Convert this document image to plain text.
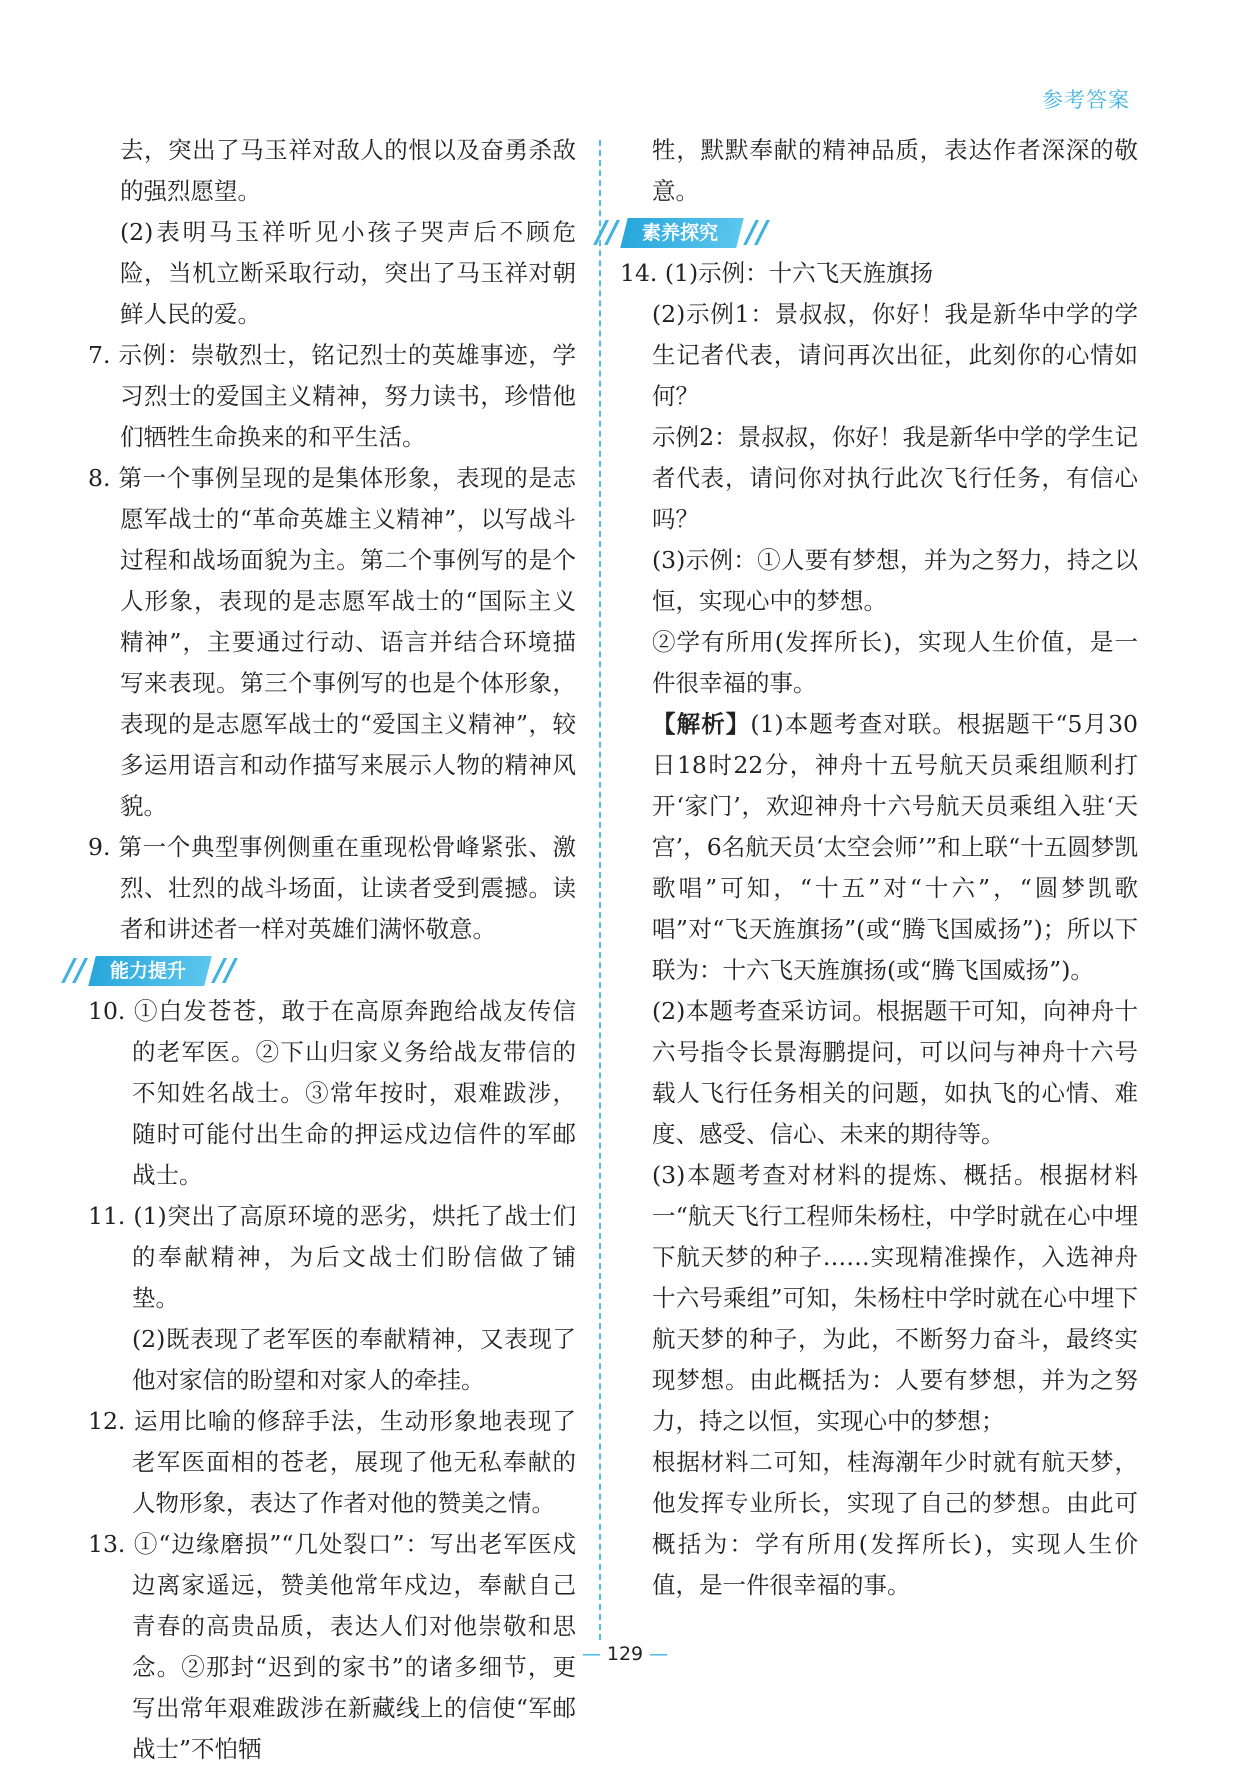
参考答案

去，突出了马玉祥对敌人的恨以及奋勇杀敌的强烈愿望。

(2)表明马玉祥听见小孩子哭声后不顾危险，当机立断采取行动，突出了马玉祥对朝鲜人民的爱。

7. 示例：崇敬烈士，铭记烈士的英雄事迹，学习烈士的爱国主义精神，努力读书，珍惜他们牺牲生命换来的和平生活。

8. 第一个事例呈现的是集体形象，表现的是志愿军战士的“革命英雄主义精神”，以写战斗过程和战场面貌为主。第二个事例写的是个人形象，表现的是志愿军战士的“国际主义精神”，主要通过行动、语言并结合环境描写来表现。第三个事例写的也是个体形象，表现的是志愿军战士的“爱国主义精神”，较多运用语言和动作描写来展示人物的精神风貌。

9. 第一个典型事例侧重在重现松骨峰紧张、激烈、壮烈的战斗场面，让读者受到震撼。读者和讲述者一样对英雄们满怀敬意。

//	能力提升 //

10. ①白发苍苍，敢于在高原奔跑给战友传信的老军医。②下山归家义务给战友带信的不知姓名战士。③常年按时，艰难跋涉，随时可能付出生命的押运戍边信件的军邮战士。

11. (1)突出了高原环境的恶劣，烘托了战士们的奉献精神，为后文战士们盼信做了铺垫。

(2)既表现了老军医的奉献精神，又表现了他对家信的盼望和对家人的牵挂。

12. 运用比喻的修辞手法，生动形象地表现了老军医面相的苍老，展现了他无私奉献的人物形象，表达了作者对他的赞美之情。

13. ①“边缘磨损”“几处裂口”：写出老军医戍边离家遥远，赞美他常年戍边，奉献自己青春的高贵品质，表达人们对他崇敬和思念。②那封“迟到的家书”的诸多细节，更写出常年艰难跋涉在新藏线上的信使“军邮战士”不怕牺

牲，默默奉献的精神品质，表达作者深深的敬意。

//	素养探究 //

14. (1)示例：十六飞天旌旗扬

(2)示例1：景叔叔，你好！我是新华中学的学生记者代表，请问再次出征，此刻你的心情如何？

示例2：景叔叔，你好！我是新华中学的学生记者代表，请问你对执行此次飞行任务，有信心吗？

(3)示例：①人要有梦想，并为之努力，持之以恒，实现心中的梦想。

②学有所用(发挥所长)，实现人生价值，是一件很幸福的事。

【解析】(1)本题考查对联。根据题干“5月30日18时22分，神舟十五号航天员乘组顺利打开‘家门’，欢迎神舟十六号航天员乘组入驻‘天宫’，6名航天员‘太空会师’”和上联“十五圆梦凯歌唱”可知，“十五”对“十六”，“圆梦凯歌唱”对“飞天旌旗扬”(或“腾飞国威扬”)；所以下联为：十六飞天旌旗扬(或“腾飞国威扬”)。

(2)本题考查采访词。根据题干可知，向神舟十六号指令长景海鹏提问，可以问与神舟十六号载人飞行任务相关的问题，如执飞的心情、难度、感受、信心、未来的期待等。

(3)本题考查对材料的提炼、概括。根据材料一“航天飞行工程师朱杨柱，中学时就在心中埋下航天梦的种子……实现精准操作，入选神舟十六号乘组”可知，朱杨柱中学时就在心中埋下航天梦的种子，为此，不断努力奋斗，最终实现梦想。由此概括为：人要有梦想，并为之努力，持之以恒，实现心中的梦想；

根据材料二可知，桂海潮年少时就有航天梦，他发挥专业所长，实现了自己的梦想。由此可概括为：学有所用(发挥所长)，实现人生价值，是一件很幸福的事。

— 129 —
